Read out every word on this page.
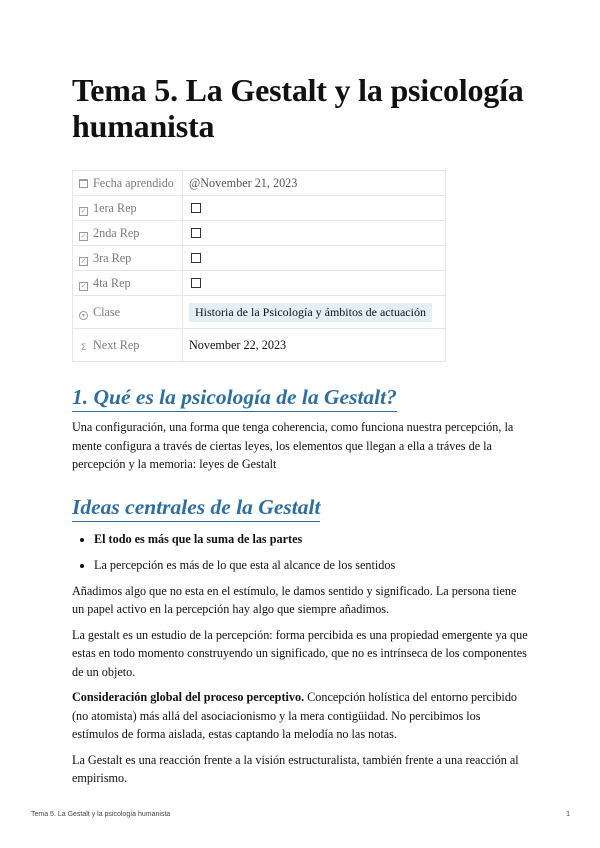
Tema 5. La Gestalt y la psicología humanista
Fecha aprendido	@November 21, 2023
✓ 1era Rep	
✓ 2nda Rep	
✓ 3ra Rep	
✓ 4ta Rep	
▾ Clase	Historia de la Psicología y ámbitos de actuación
Σ Next Rep	November 22, 2023
1. Qué es la psicología de la Gestalt?

Una configuración, una forma que tenga coherencia, como funciona nuestra percepción, la mente configura a través de ciertas leyes, los elementos que llegan a ella a tráves de la percepción y la memoria: leyes de Gestalt

Ideas centrales de la Gestalt
• El todo es más que la suma de las partes
• La percepción es más de lo que esta al alcance de los sentidos

Añadimos algo que no esta en el estímulo, le damos sentido y significado. La persona tiene un papel activo en la percepción hay algo que siempre añadimos.

La gestalt es un estudio de la percepción: forma percibida es una propiedad emergente ya que estas en todo momento construyendo un significado, que no es intrínseca de los componentes de un objeto.

Consideración global del proceso perceptivo. Concepción holística del entorno percibido (no atomista) más allá del asociacionismo y la mera contigüidad. No percibimos los estímulos de forma aislada, estas captando la melodía no las notas.

La Gestalt es una reacción frente a la visión estructuralista, también frente a una reacción al empirismo.

Tema 5. La Gestalt y la psicología humanista	1
